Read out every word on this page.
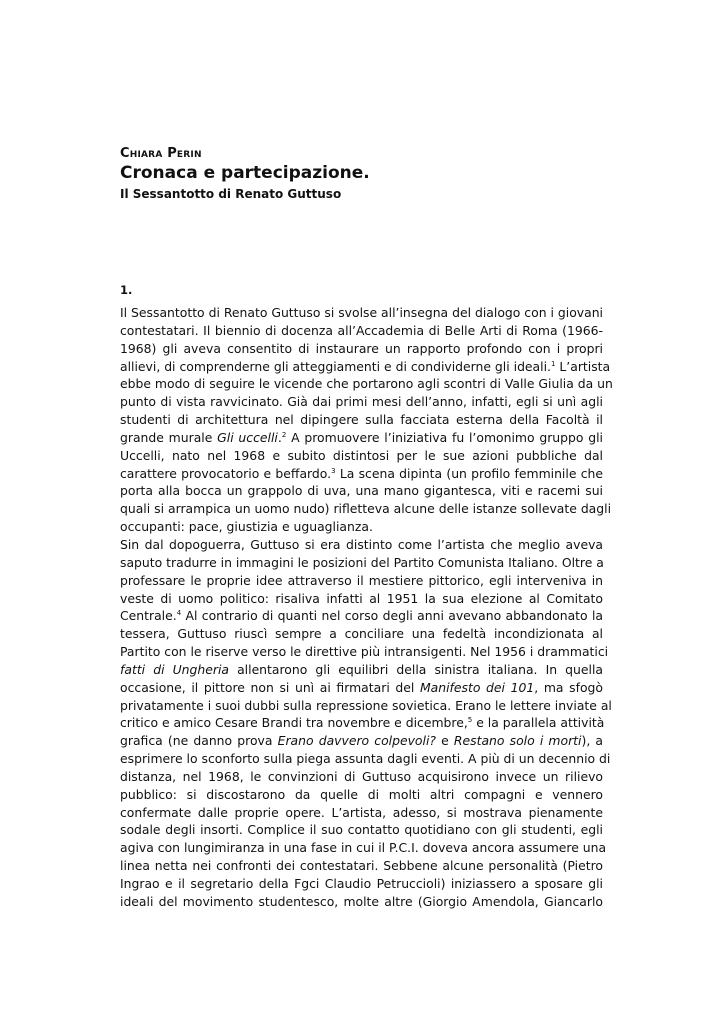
Chiara Perin
Cronaca e partecipazione.
Il Sessantotto di Renato Guttuso
1.
Il Sessantotto di Renato Guttuso si svolse all’insegna del dialogo con i giovani
contestatari. Il biennio di docenza all’Accademia di Belle Arti di Roma (1966-
1968) gli aveva consentito di instaurare un rapporto profondo con i propri
allievi, di comprenderne gli atteggiamenti e di condividerne gli ideali.$^1$ L’artista
ebbe modo di seguire le vicende che portarono agli scontri di Valle Giulia da un
punto di vista ravvicinato. Già dai primi mesi dell’anno, infatti, egli si unì agli
studenti di architettura nel dipingere sulla facciata esterna della Facoltà il
grande murale Gli uccelli.$^2$ A promuovere l’iniziativa fu l’omonimo gruppo gli
Uccelli, nato nel 1968 e subito distintosi per le sue azioni pubbliche dal
carattere provocatorio e beffardo.$^3$ La scena dipinta (un profilo femminile che
porta alla bocca un grappolo di uva, una mano gigantesca, viti e racemi sui
quali si arrampica un uomo nudo) rifletteva alcune delle istanze sollevate dagli
occupanti: pace, giustizia e uguaglianza.
Sin dal dopoguerra, Guttuso si era distinto come l’artista che meglio aveva
saputo tradurre in immagini le posizioni del Partito Comunista Italiano. Oltre a
professare le proprie idee attraverso il mestiere pittorico, egli interveniva in
veste di uomo politico: risaliva infatti al 1951 la sua elezione al Comitato
Centrale.$^4$ Al contrario di quanti nel corso degli anni avevano abbandonato la
tessera, Guttuso riuscì sempre a conciliare una fedeltà incondizionata al
Partito con le riserve verso le direttive più intransigenti. Nel 1956 i drammatici
fatti di Ungheria allentarono gli equilibri della sinistra italiana. In quella
occasione, il pittore non si unì ai firmatari del Manifesto dei 101, ma sfogò
privatamente i suoi dubbi sulla repressione sovietica. Erano le lettere inviate al
critico e amico Cesare Brandi tra novembre e dicembre,$^5$ e la parallela attività
grafica (ne danno prova Erano davvero colpevoli? e Restano solo i morti), a
esprimere lo sconforto sulla piega assunta dagli eventi. A più di un decennio di
distanza, nel 1968, le convinzioni di Guttuso acquisirono invece un rilievo
pubblico: si discostarono da quelle di molti altri compagni e vennero
confermate dalle proprie opere. L’artista, adesso, si mostrava pienamente
sodale degli insorti. Complice il suo contatto quotidiano con gli studenti, egli
agiva con lungimiranza in una fase in cui il P.C.I. doveva ancora assumere una
linea netta nei confronti dei contestatari. Sebbene alcune personalità (Pietro
Ingrao e il segretario della Fgci Claudio Petruccioli) iniziassero a sposare gli
ideali del movimento studentesco, molte altre (Giorgio Amendola, Giancarlo
